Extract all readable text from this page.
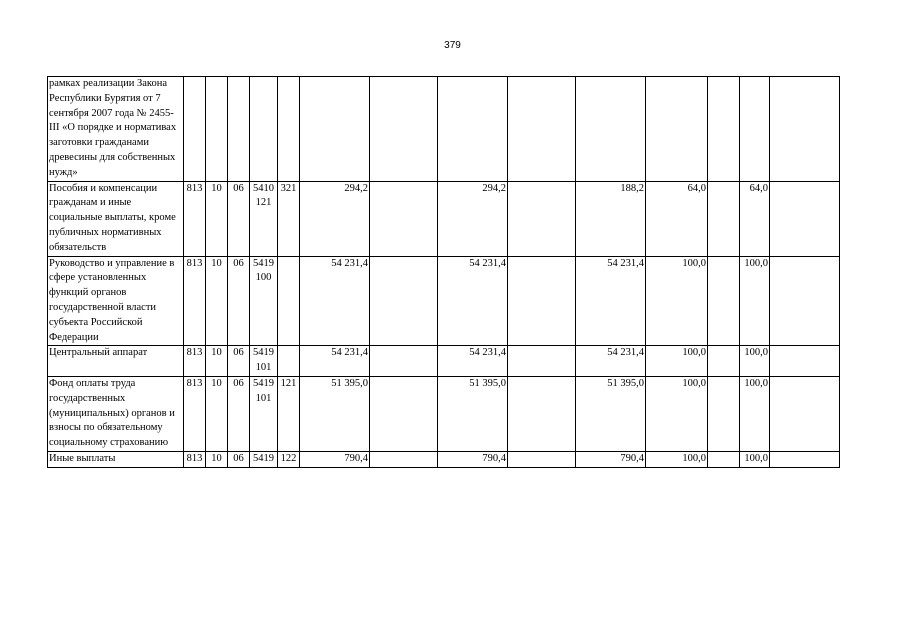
379
рамках реализации Закона Республики Бурятия от 7 сентября 2007 года № 2455-III «О порядке и нормативах заготовки гражданами древесины для собственных нужд»														
Пособия и компенсации гражданам и иные социальные выплаты, кроме публичных нормативных обязательств	813	10	06	5410 121	321	294,2		294,2		188,2	64,0		64,0	
Руководство и управление в сфере установленных функций органов государственной власти субъекта Российской Федерации	813	10	06	5419 100		54 231,4		54 231,4		54 231,4	100,0		100,0	
Центральный аппарат	813	10	06	5419 101		54 231,4		54 231,4		54 231,4	100,0		100,0	
Фонд оплаты труда государственных (муниципальных) органов и взносы по обязательному социальному страхованию	813	10	06	5419 101	121	51 395,0		51 395,0		51 395,0	100,0		100,0	
Иные выплаты	813	10	06	5419	122	790,4		790,4		790,4	100,0		100,0	
